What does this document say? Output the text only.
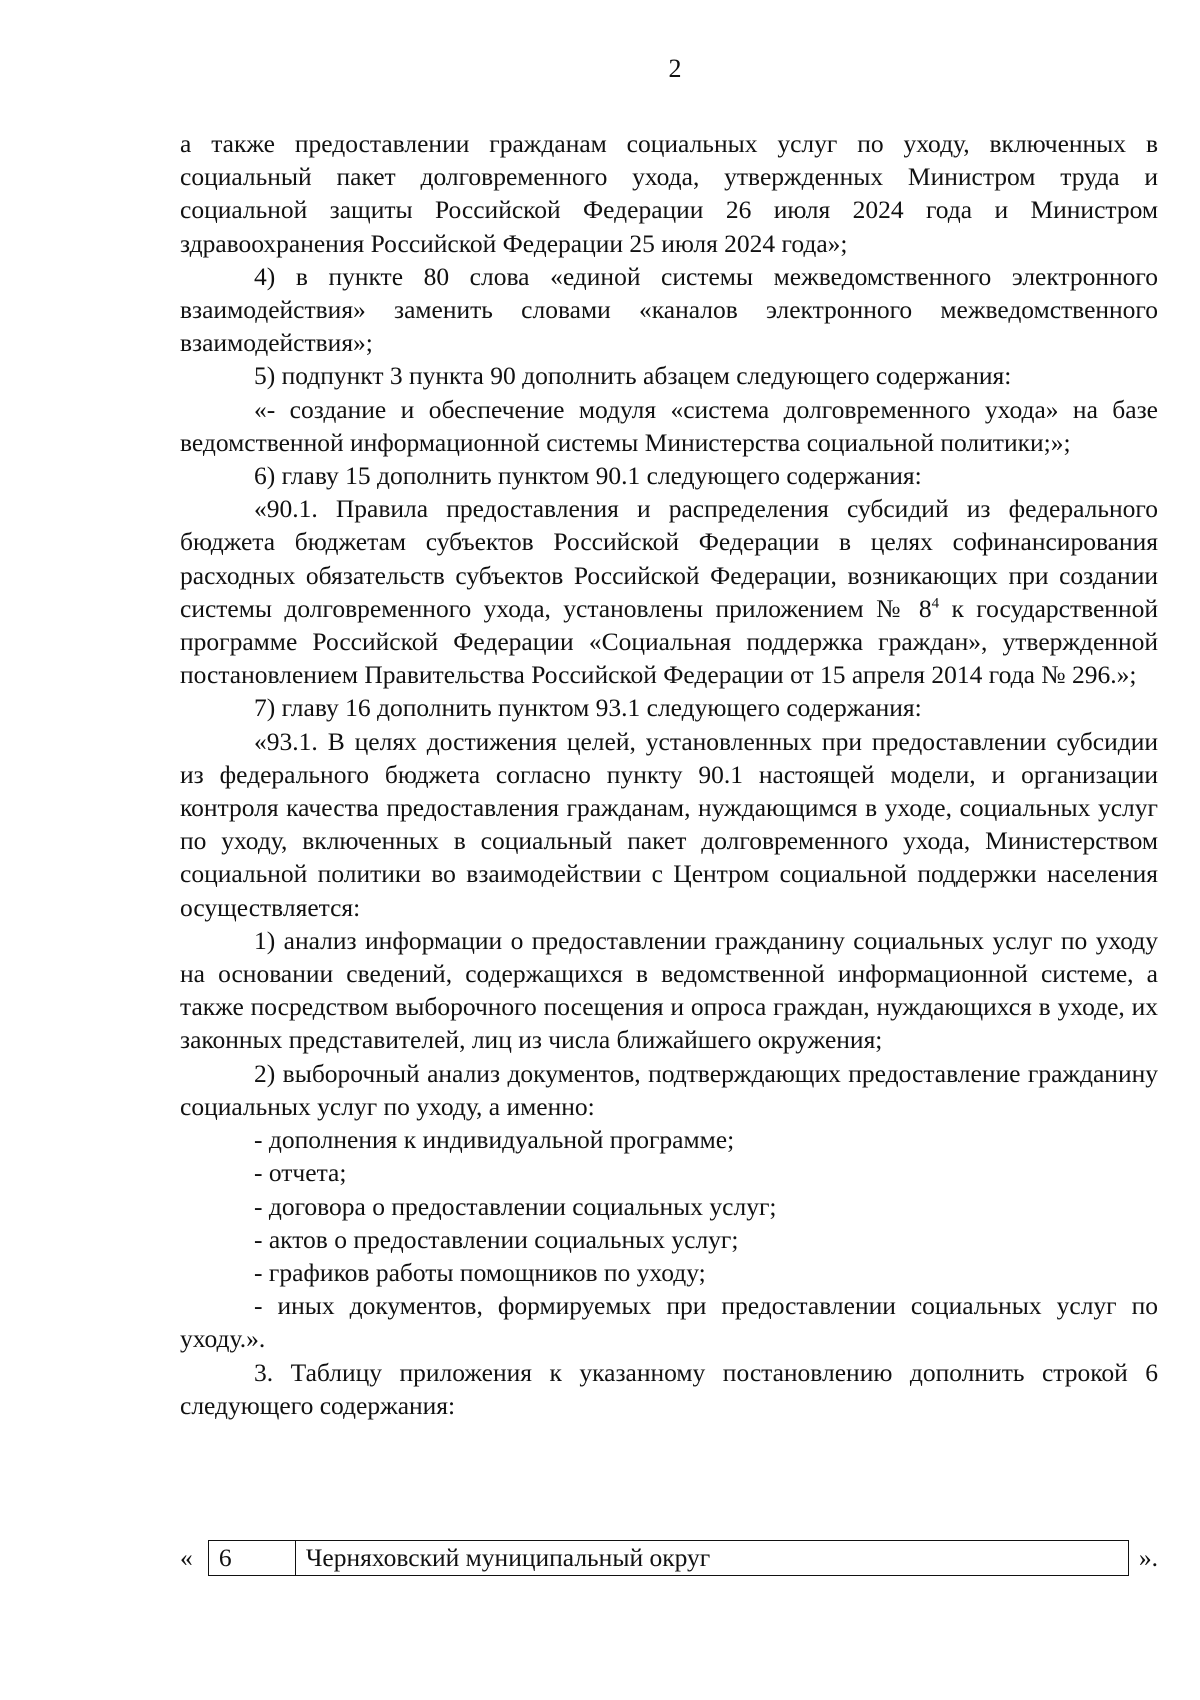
2

а также предоставлении гражданам социальных услуг по уходу, включенных в социальный пакет долговременного ухода, утвержденных Министром труда и социальной защиты Российской Федерации 26 июля 2024 года и Министром здравоохранения Российской Федерации 25 июля 2024 года»;

4) в пункте 80 слова «единой системы межведомственного электронного взаимодействия» заменить словами «каналов электронного межведомственного взаимодействия»;

5) подпункт 3 пункта 90 дополнить абзацем следующего содержания:

«- создание и обеспечение модуля «система долговременного ухода» на базе ведомственной информационной системы Министерства социальной политики;»;

6) главу 15 дополнить пунктом 90.1 следующего содержания:

«90.1. Правила предоставления и распределения субсидий из федерального бюджета бюджетам субъектов Российской Федерации в целях софинансирования расходных обязательств субъектов Российской Федерации, возникающих при создании системы долговременного ухода, установлены приложением № $8^4$ к государственной программе Российской Федерации «Социальная поддержка граждан», утвержденной постановлением Правительства Российской Федерации от 15 апреля 2014 года № 296.»;

7) главу 16 дополнить пунктом 93.1 следующего содержания:

«93.1. В целях достижения целей, установленных при предоставлении субсидии из федерального бюджета согласно пункту 90.1 настоящей модели, и организации контроля качества предоставления гражданам, нуждающимся в уходе, социальных услуг по уходу, включенных в социальный пакет долговременного ухода, Министерством социальной политики во взаимодействии с Центром социальной поддержки населения осуществляется:

1) анализ информации о предоставлении гражданину социальных услуг по уходу на основании сведений, содержащихся в ведомственной информационной системе, а также посредством выборочного посещения и опроса граждан, нуждающихся в уходе, их законных представителей, лиц из числа ближайшего окружения;

2) выборочный анализ документов, подтверждающих предоставление гражданину социальных услуг по уходу, а именно:

- дополнения к индивидуальной программе;

- отчета;

- договора о предоставлении социальных услуг;

- актов о предоставлении социальных услуг;

- графиков работы помощников по уходу;

- иных документов, формируемых при предоставлении социальных услуг по уходу.».

3. Таблицу приложения к указанному постановлению дополнить строкой 6 следующего содержания:

«	6	Черняховский муниципальный округ	».
